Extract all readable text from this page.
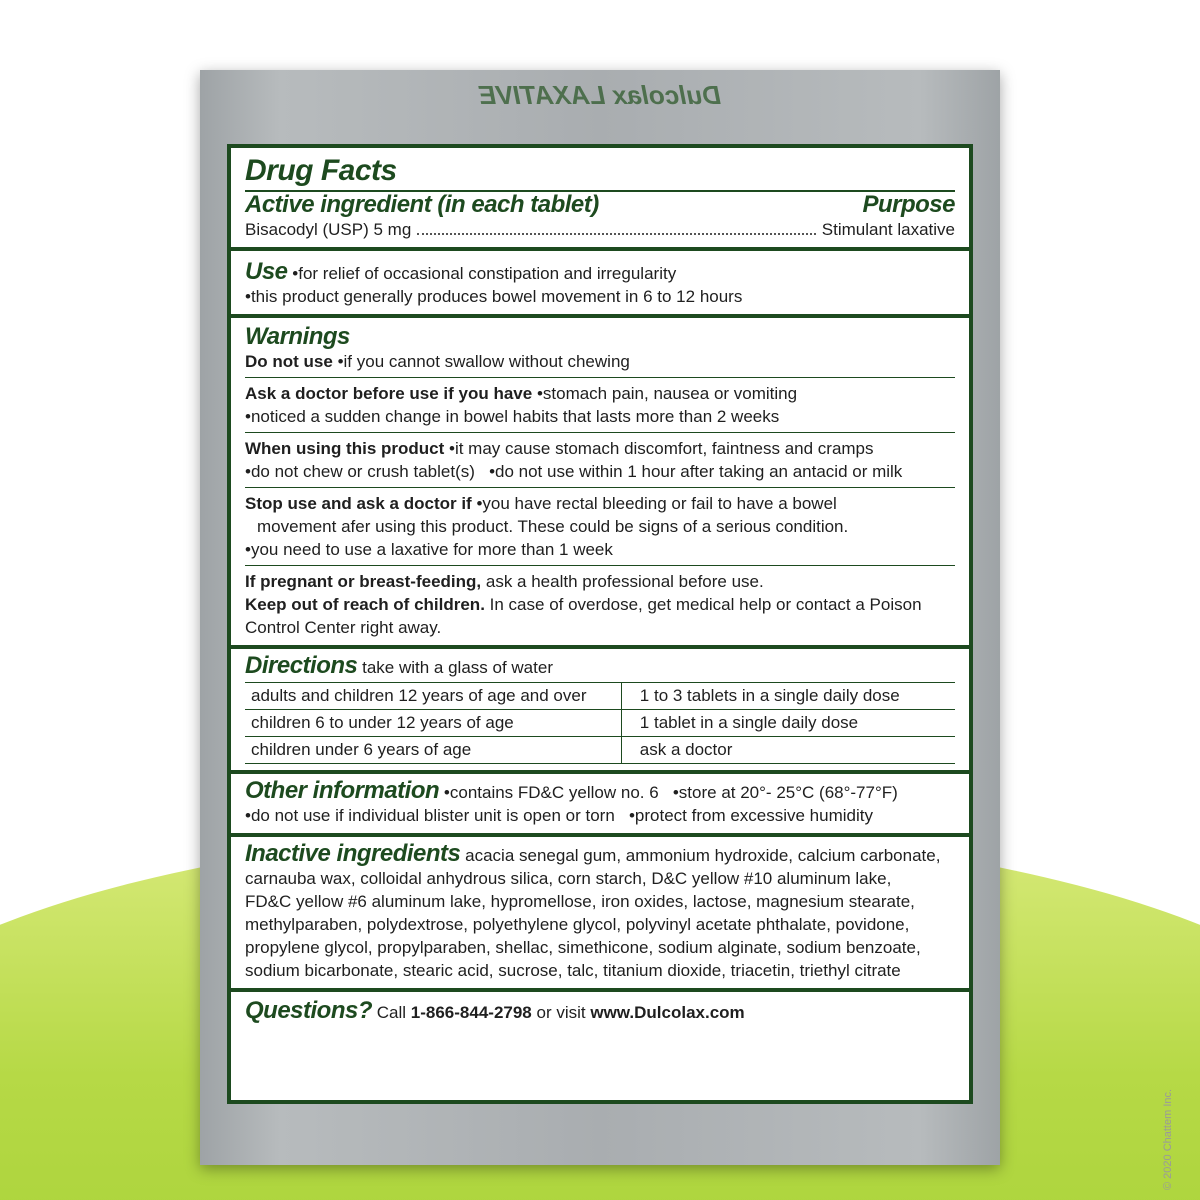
Dulcolax LAXATIVE
Drug Facts
Active ingredient (in each tablet)	Purpose
Bisacodyl (USP) 5 mg	Stimulant laxative
Use •for relief of occasional constipation and irregularity
•this product generally produces bowel movement in 6 to 12 hours
Warnings
Do not use •if you cannot swallow without chewing
Ask a doctor before use if you have •stomach pain, nausea or vomiting
•noticed a sudden change in bowel habits that lasts more than 2 weeks
When using this product •it may cause stomach discomfort, faintness and cramps
•do not chew or crush tablet(s) •do not use within 1 hour after taking an antacid or milk
Stop use and ask a doctor if •you have rectal bleeding or fail to have a bowel
movement afer using this product. These could be signs of a serious condition.
•you need to use a laxative for more than 1 week
If pregnant or breast-feeding, ask a health professional before use.
Keep out of reach of children. In case of overdose, get medical help or contact a Poison
Control Center right away.
Directions take with a glass of water
adults and children 12 years of age and over	1 to 3 tablets in a single daily dose
children 6 to under 12 years of age	1 tablet in a single daily dose
children under 6 years of age	ask a doctor
Other information •contains FD&C yellow no. 6 •store at 20°- 25°C (68°-77°F)
•do not use if individual blister unit is open or torn •protect from excessive humidity
Inactive ingredients acacia senegal gum, ammonium hydroxide, calcium carbonate,
carnauba wax, colloidal anhydrous silica, corn starch, D&C yellow #10 aluminum lake,
FD&C yellow #6 aluminum lake, hypromellose, iron oxides, lactose, magnesium stearate,
methylparaben, polydextrose, polyethylene glycol, polyvinyl acetate phthalate, povidone,
propylene glycol, propylparaben, shellac, simethicone, sodium alginate, sodium benzoate,
sodium bicarbonate, stearic acid, sucrose, talc, titanium dioxide, triacetin, triethyl citrate
Questions? Call 1-866-844-2798 or visit www.Dulcolax.com
© 2020 Chattem Inc.
